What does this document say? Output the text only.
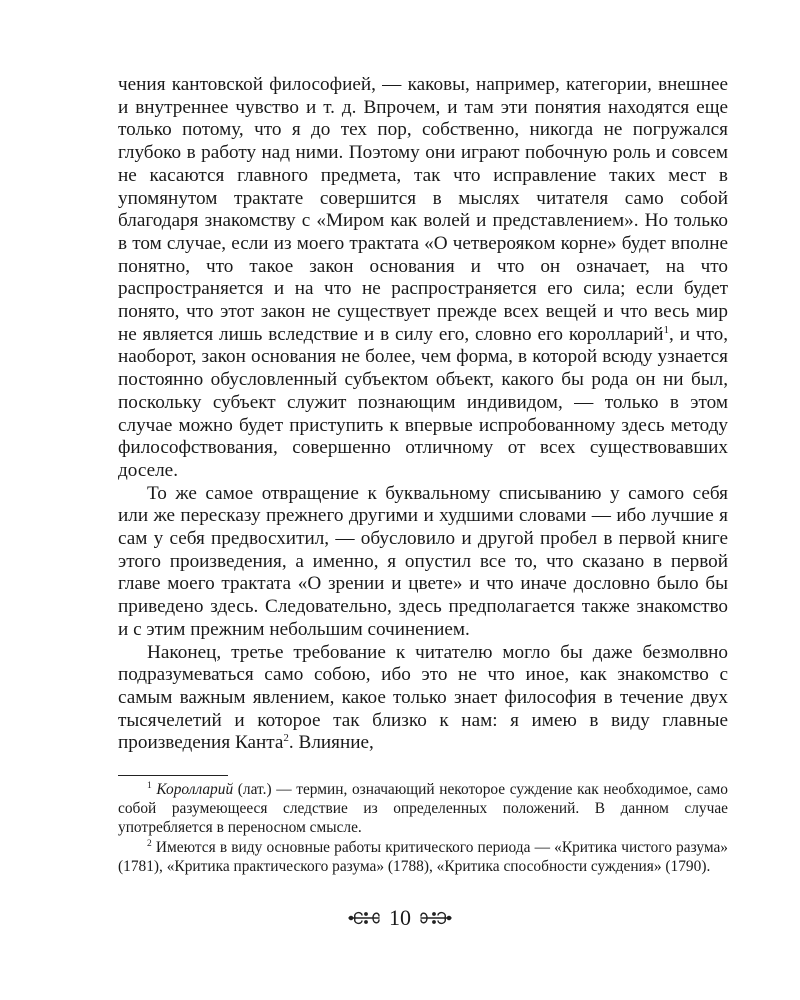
чения кантовской философией, — каковы, например, категории, внешнее и внутреннее чувство и т. д. Впрочем, и там эти понятия находятся еще только потому, что я до тех пор, собственно, никогда не погружался глубоко в работу над ними. Поэтому они играют побочную роль и совсем не касаются главного предмета, так что исправление таких мест в упомянутом трактате совершится в мыслях читателя само собой благодаря знакомству с «Миром как волей и представлением». Но только в том случае, если из моего трактата «О четвероякoм корне» будет вполне понятно, что такое закон основания и что он означает, на что распространяется и на что не распространяется его сила; если будет понято, что этот закон не существует прежде всех вещей и что весь мир не является лишь вследствие и в силу его, словно его королларий$^1$, и что, наоборот, закон основания не более, чем форма, в которой всюду узнается постоянно обусловленный субъектом объект, какого бы рода он ни был, поскольку субъект служит познающим индивидом, — только в этом случае можно будет приступить к впервые испробованному здесь методу философствования, совершенно отличному от всех существовавших доселе.

То же самое отвращение к буквальному списыванию у самого себя или же пересказу прежнего другими и худшими словами — ибо лучшие я сам у себя предвосхитил, — обусловило и другой пробел в первой книге этого произведения, а именно, я опустил все то, что сказано в первой главе моего трактата «О зрении и цвете» и что иначе дословно было бы приведено здесь. Следовательно, здесь предполагается также знакомство и с этим прежним небольшим сочинением.

Наконец, третье требование к читателю могло бы даже безмолвно подразумеваться само собою, ибо это не что иное, как знакомство с самым важным явлением, какое только знает философия в течение двух тысячелетий и которое так близко к нам: я имею в виду главные произведения Канта$^2$. Влияние,

$^1$ Королларий (лат.) — термин, означающий некоторое суждение как необходимое, само собой разумеющееся следствие из определенных положений. В данном случае употребляется в переносном смысле.

$^2$ Имеются в виду основные работы критического периода — «Критика чистого разума» (1781), «Критика практического разума» (1788), «Критика способности суждения» (1790).

10
